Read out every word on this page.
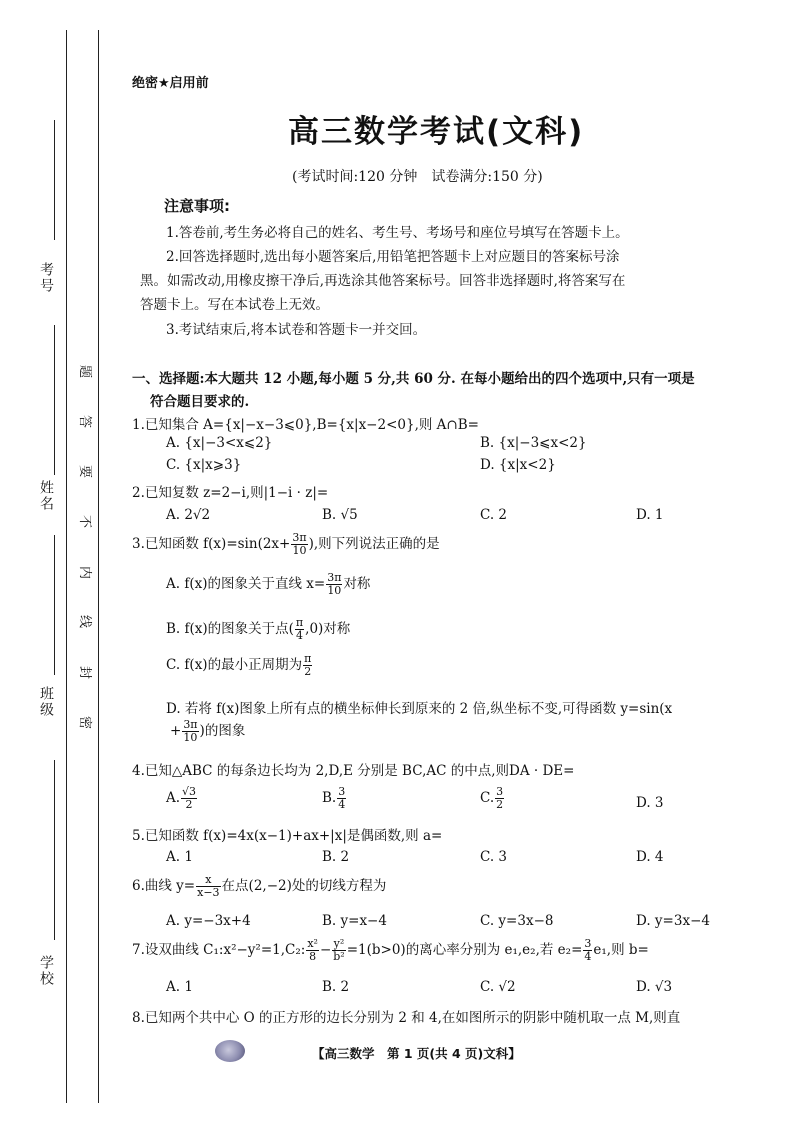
考号
姓名
班级
学校
题
答
要
不
内
线
封
密
绝密★启用前
高三数学考试(文科)
(考试时间:120 分钟　试卷满分:150 分)
注意事项:
1.答卷前,考生务必将自己的姓名、考生号、考场号和座位号填写在答题卡上。
2.回答选择题时,选出每小题答案后,用铅笔把答题卡上对应题目的答案标号涂
黑。如需改动,用橡皮擦干净后,再选涂其他答案标号。回答非选择题时,将答案写在
答题卡上。写在本试卷上无效。
3.考试结束后,将本试卷和答题卡一并交回。
一、选择题:本大题共 12 小题,每小题 5 分,共 60 分. 在每小题给出的四个选项中,只有一项是
符合题目要求的.
1.已知集合 A={x|−x−3⩽0},B={x|x−2<0},则 A∩B=
A. {x|−3<x⩽2}	B. {x|−3⩽x<2}
C. {x|x⩾3}	D. {x|x<2}
2.已知复数 z=2−i,则|1−i · z|=
A. 2√2	B. √5	C. 2	D. 1
3.已知函数 $f(x)=\sin(2x+ \frac{3\pi}{10}$ ),则下列说法正确的是
A. f(x)的图象关于直线 $x= \frac{3\pi}{10}$ 对称
B. f(x)的图象关于点( $\frac{\pi}{4} ,0$)对称
C. f(x)的最小正周期为 $\frac{\pi}{2}$
D. 若将 f(x)图象上所有点的横坐标伸长到原来的 2 倍,纵坐标不变,可得函数 y=sin(x
+ $\frac{3\pi}{10}$ )的图象
4.已知△ABC 的每条边长均为 2,D,E 分别是 BC,AC 的中点,则DA · DE=
A. $\frac{√3}{2}$	B. $\frac{3}{4}$	C. $\frac{3}{2}$	D. 3
5.已知函数 f(x)=4x(x−1)+ax+|x|是偶函数,则 a=
A. 1	B. 2	C. 3	D. 4
6.曲线 $y= \frac{x}{x-3}$ 在点(2,−2)处的切线方程为
A. y=−3x+4	B. y=x−4	C. y=3x−8	D. y=3x−4
7.设双曲线 C₁:x²−y²=1,C₂: $\frac{\text{x²}}{8} - \frac{\text{y²}}{\text{b²}} =1(b>0)$的离心率分别为 e₁,e₂,若 $e_2= \frac{3}{4} e_1$,则 b=
A. 1	B. 2	C. √2	D. √3
8.已知两个共中心 O 的正方形的边长分别为 2 和 4,在如图所示的阴影中随机取一点 M,则直
【高三数学　第 1 页(共 4 页)文科】
